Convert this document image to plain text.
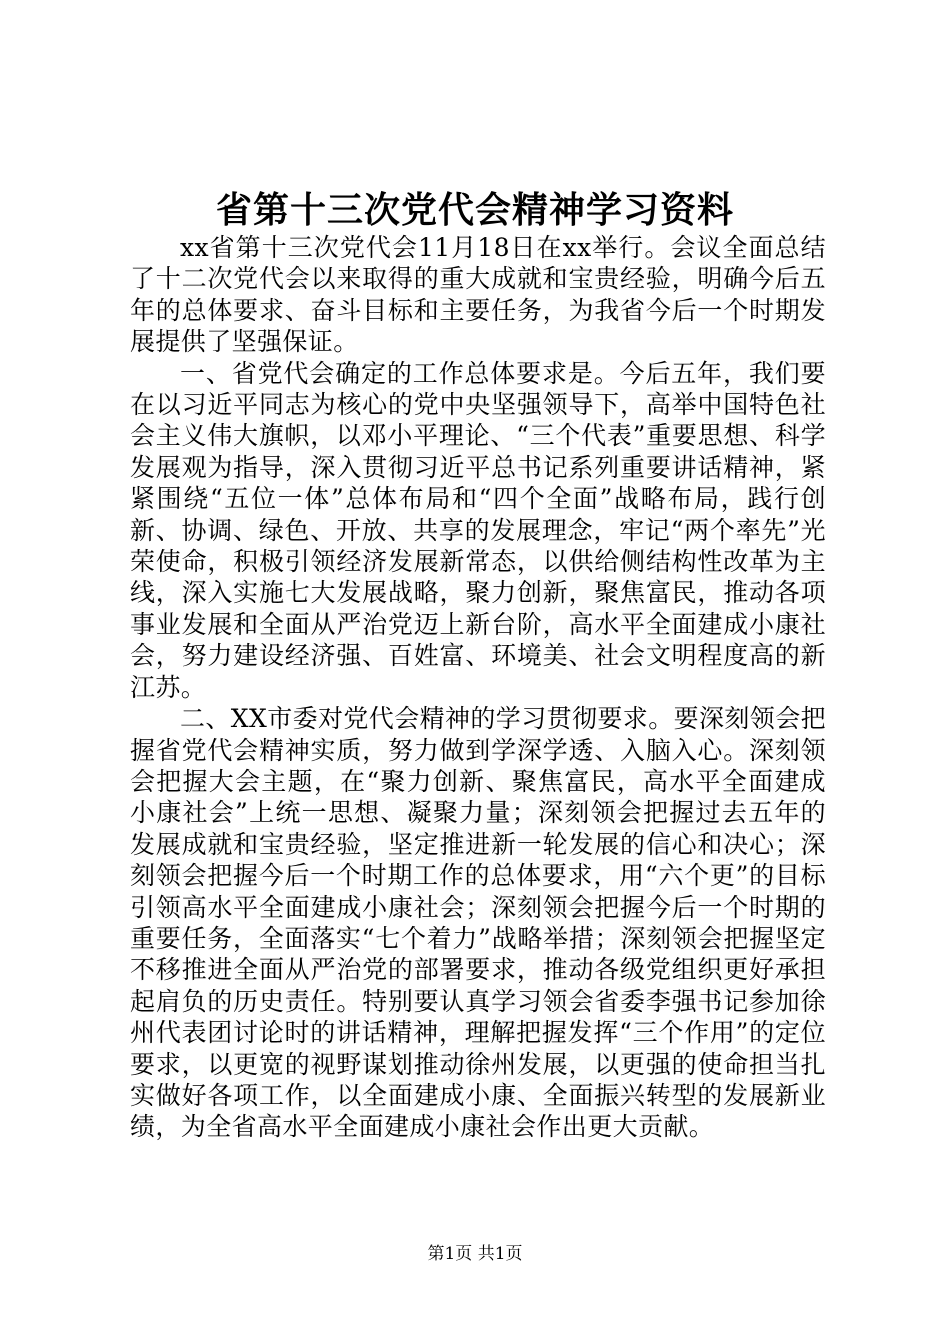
省第十三次党代会精神学习资料

xx省第十三次党代会11月18日在xx举行。会议全面总结了十二次党代会以来取得的重大成就和宝贵经验，明确今后五年的总体要求、奋斗目标和主要任务，为我省今后一个时期发展提供了坚强保证。

一、省党代会确定的工作总体要求是。今后五年，我们要在以习近平同志为核心的党中央坚强领导下，高举中国特色社会主义伟大旗帜，以邓小平理论、“三个代表”重要思想、科学发展观为指导，深入贯彻习近平总书记系列重要讲话精神，紧紧围绕“五位一体”总体布局和“四个全面”战略布局，践行创新、协调、绿色、开放、共享的发展理念，牢记“两个率先”光荣使命，积极引领经济发展新常态，以供给侧结构性改革为主线，深入实施七大发展战略，聚力创新，聚焦富民，推动各项事业发展和全面从严治党迈上新台阶，高水平全面建成小康社会，努力建设经济强、百姓富、环境美、社会文明程度高的新江苏。

二、XX市委对党代会精神的学习贯彻要求。要深刻领会把握省党代会精神实质，努力做到学深学透、入脑入心。深刻领会把握大会主题，在“聚力创新、聚焦富民，高水平全面建成小康社会”上统一思想、凝聚力量；深刻领会把握过去五年的发展成就和宝贵经验，坚定推进新一轮发展的信心和决心；深刻领会把握今后一个时期工作的总体要求，用“六个更”的目标引领高水平全面建成小康社会；深刻领会把握今后一个时期的重要任务，全面落实“七个着力”战略举措；深刻领会把握坚定不移推进全面从严治党的部署要求，推动各级党组织更好承担起肩负的历史责任。特别要认真学习领会省委李强书记参加徐州代表团讨论时的讲话精神，理解把握发挥“三个作用”的定位要求，以更宽的视野谋划推动徐州发展，以更强的使命担当扎实做好各项工作，以全面建成小康、全面振兴转型的发展新业绩，为全省高水平全面建成小康社会作出更大贡献。

第1页 共1页
